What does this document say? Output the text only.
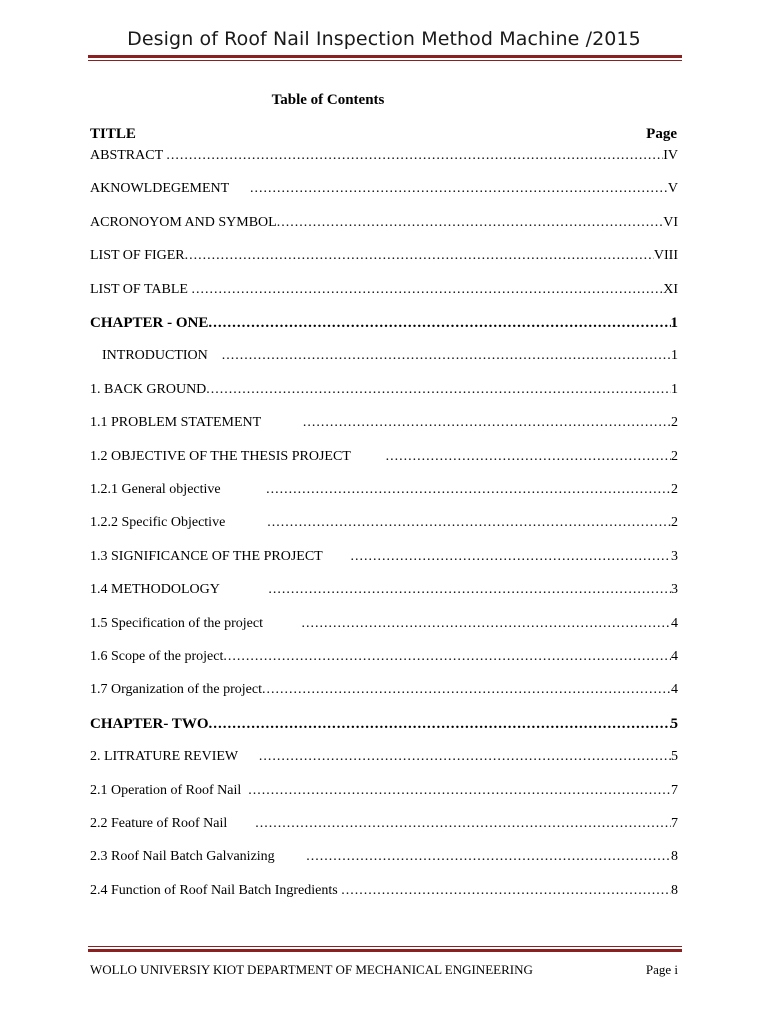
Design of Roof Nail Inspection Method Machine /2015
Table of Contents
TITLE	Page
ABSTRACT .....	IV
AKNOWLDEGEMENT .....	V
ACRONOYOM AND SYMBOL .....	VI
LIST OF FIGER .....	VIII
LIST OF TABLE .....	XI
CHAPTER - ONE .....	1
INTRODUCTION .....	1
1. BACK GROUND .....	1
1.1 PROBLEM STATEMENT .....	2
1.2 OBJECTIVE OF THE THESIS PROJECT .....	2
1.2.1 General objective .....	2
1.2.2 Specific Objective .....	2
1.3 SIGNIFICANCE OF THE PROJECT .....	3
1.4 METHODOLOGY .....	3
1.5 Specification of the project .....	4
1.6 Scope of the project .....	4
1.7 Organization of the project .....	4
CHAPTER- TWO .....	5
2. LITRATURE REVIEW .....	5
2.1 Operation of Roof Nail .....	7
2.2 Feature of Roof Nail .....	7
2.3 Roof Nail Batch Galvanizing .....	8
2.4 Function of Roof Nail Batch Ingredients .....	8
WOLLO UNIVERSIY KIOT DEPARTMENT OF MECHANICAL ENGINEERING	Page i
